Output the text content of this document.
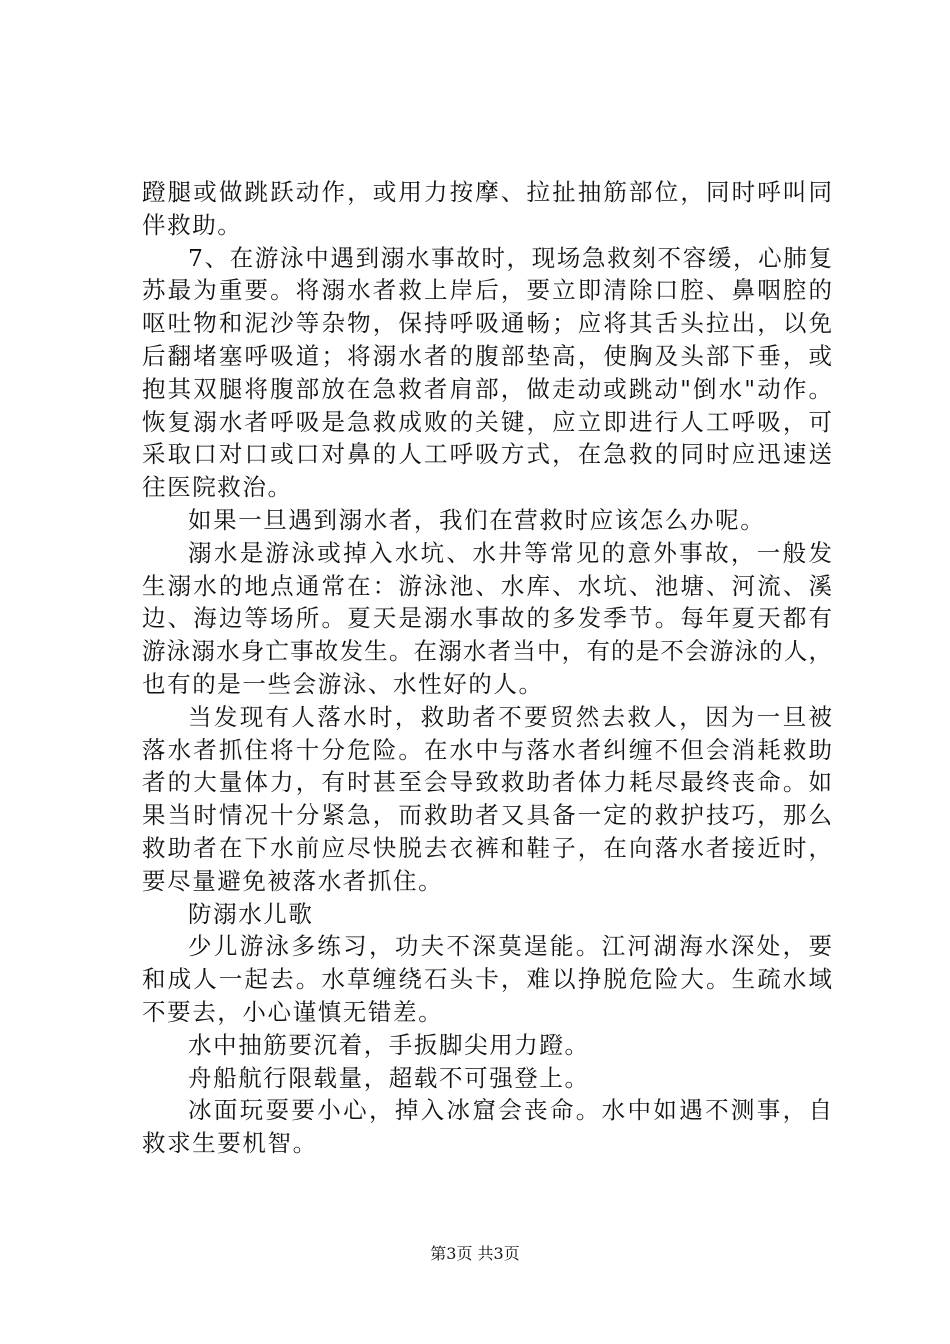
蹬腿或做跳跃动作，或用力按摩、拉扯抽筋部位，同时呼叫同
伴救助。
7、在游泳中遇到溺水事故时，现场急救刻不容缓，心肺复
苏最为重要。将溺水者救上岸后，要立即清除口腔、鼻咽腔的
呕吐物和泥沙等杂物，保持呼吸通畅；应将其舌头拉出，以免
后翻堵塞呼吸道；将溺水者的腹部垫高，使胸及头部下垂，或
抱其双腿将腹部放在急救者肩部，做走动或跳动"倒水"动作。
恢复溺水者呼吸是急救成败的关键，应立即进行人工呼吸，可
采取口对口或口对鼻的人工呼吸方式，在急救的同时应迅速送
往医院救治。
如果一旦遇到溺水者，我们在营救时应该怎么办呢。
溺水是游泳或掉入水坑、水井等常见的意外事故，一般发
生溺水的地点通常在：游泳池、水库、水坑、池塘、河流、溪
边、海边等场所。夏天是溺水事故的多发季节。每年夏天都有
游泳溺水身亡事故发生。在溺水者当中，有的是不会游泳的人，
也有的是一些会游泳、水性好的人。
当发现有人落水时，救助者不要贸然去救人，因为一旦被
落水者抓住将十分危险。在水中与落水者纠缠不但会消耗救助
者的大量体力，有时甚至会导致救助者体力耗尽最终丧命。如
果当时情况十分紧急，而救助者又具备一定的救护技巧，那么
救助者在下水前应尽快脱去衣裤和鞋子，在向落水者接近时，
要尽量避免被落水者抓住。
防溺水儿歌
少儿游泳多练习，功夫不深莫逞能。江河湖海水深处，要
和成人一起去。水草缠绕石头卡，难以挣脱危险大。生疏水域
不要去，小心谨慎无错差。
水中抽筋要沉着，手扳脚尖用力蹬。
舟船航行限载量，超载不可强登上。
冰面玩耍要小心，掉入冰窟会丧命。水中如遇不测事，自
救求生要机智。
第3页 共3页
